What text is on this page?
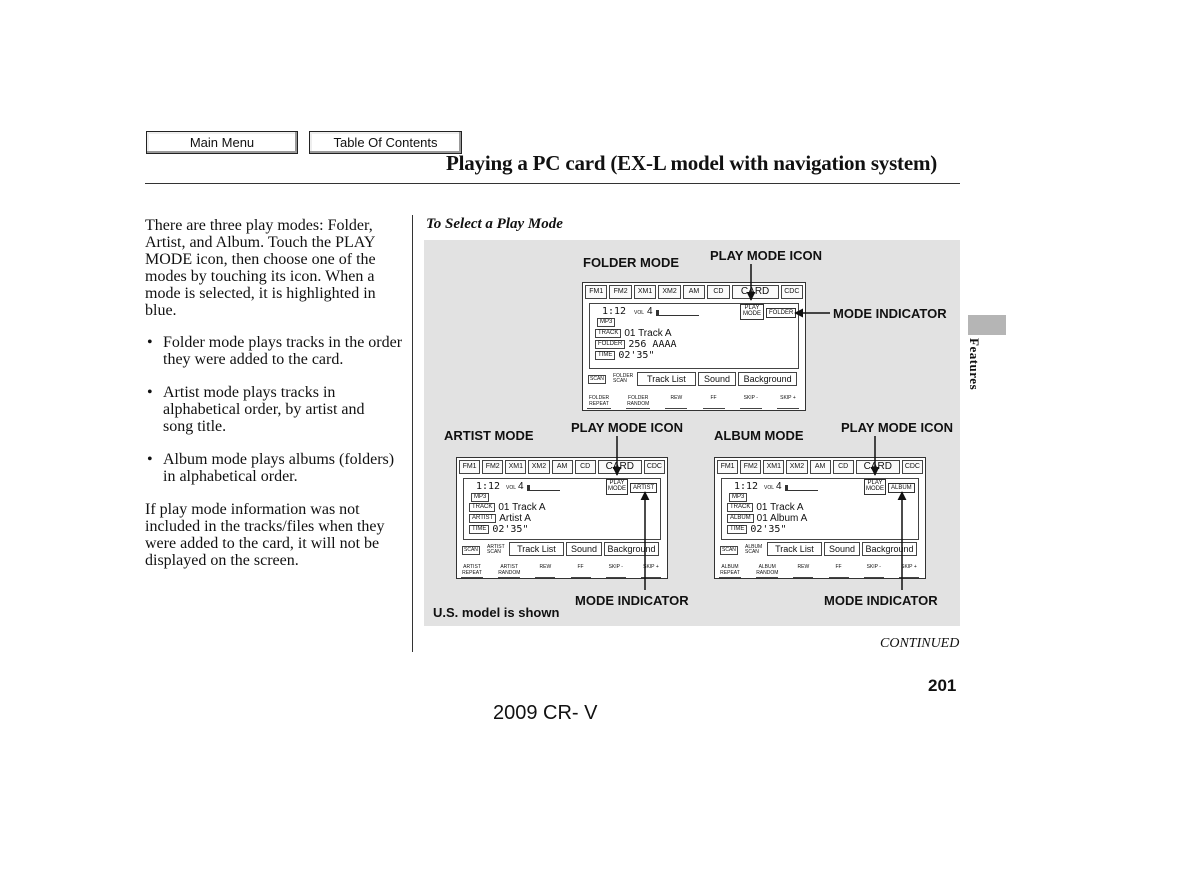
Main Menu	Table Of Contents
Playing a PC card (EX-L model with navigation system)
There are three play modes: Folder, Artist, and Album. Touch the PLAY MODE icon, then choose one of the modes by touching its icon. When a mode is selected, it is highlighted in blue.
• Folder mode plays tracks in the order they were added to the card.
• Artist mode plays tracks in alphabetical order, by artist and song title.
• Album mode plays albums (folders) in alphabetical order.
If play mode information was not included in the tracks/files when they were added to the card, it will not be displayed on the screen.
To Select a Play Mode
FOLDER MODE PLAY MODE ICON
MODE INDICATOR
ARTIST MODE
PLAY MODE ICON
ALBUM MODE
PLAY MODE ICON
MODE INDICATOR	MODE INDICATOR
U.S. model is shown
FM1	FM2	XM1	XM2	AM	CD	CARD	CDC
1:12 VOL 4
MP3
TRACK 01 Track A
FOLDER 256 AAAA
TIME 02'35"
PLAY MODE	FOLDER
SCAN	FOLDER SCAN	Track List	Sound	Background
FOLDER REPEAT
FOLDER RANDOM
REW	FF	SKIP -	SKIP +
FM1	FM2	XM1	XM2	AM	CD	CARD	CDC
1:12 VOL 4
MP3
TRACK 01 Track A
ARTIST Artist A
TIME 02'35"
PLAY MODE	ARTIST
SCAN	ARTIST SCAN	Track List	Sound	Background
ARTIST REPEAT
ARTIST RANDOM
REW	FF	SKIP -	SKIP +
FM1	FM2	XM1	XM2	AM	CD	CARD	CDC
1:12 VOL 4
MP3
TRACK 01 Track A
ALBUM 01 Album A
TIME 02'35"
PLAY MODE	ALBUM
SCAN	ALBUM SCAN	Track List	Sound	Background
ALBUM REPEAT
ALBUM RANDOM
REW	FF	SKIP -	SKIP +
CONTINUED
201
2009 CR- V
Features
